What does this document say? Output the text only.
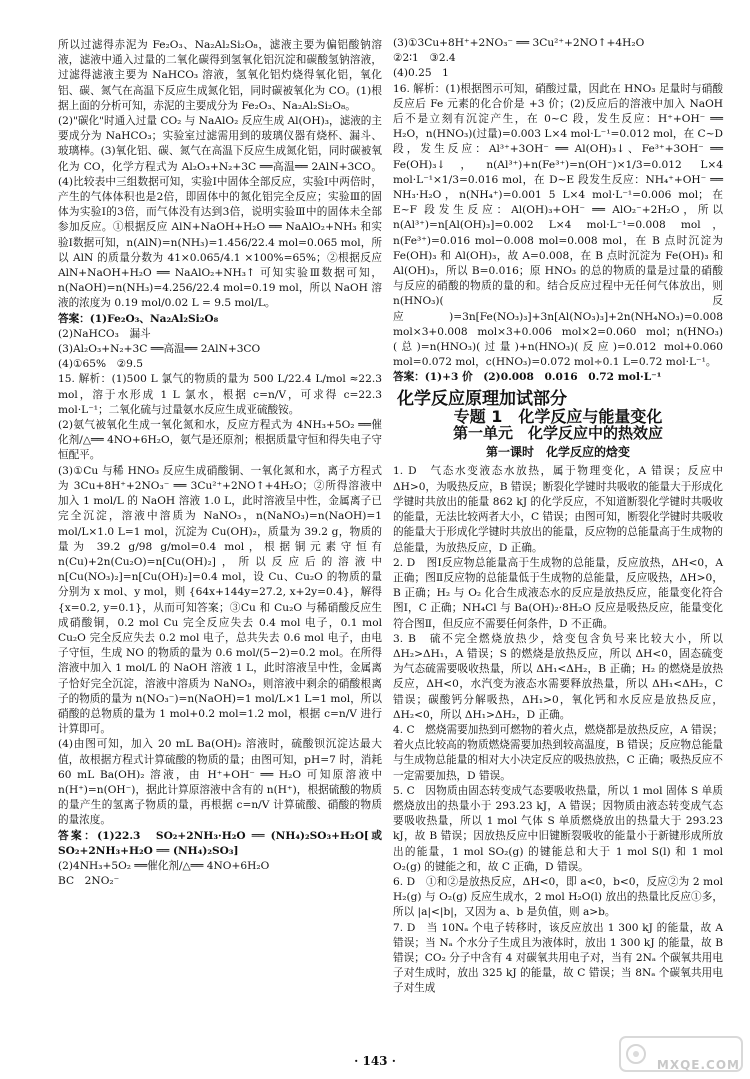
所以过滤得赤泥为 Fe₂O₃、Na₂Al₂Si₂O₈，滤液主要为偏铝酸钠溶液，滤液中通入过量的二氧化碳得到氢氧化铝沉淀和碳酸氢钠溶液，过滤得滤液主要为 NaHCO₃ 溶液，氢氧化铝灼烧得氧化铝，氧化铝、碳、氮气在高温下反应生成氮化铝，同时碳被氧化为 CO。(1)根据上面的分析可知，赤泥的主要成分为 Fe₂O₃、Na₂Al₂Si₂O₈。

(2)"碳化"时通入过量 CO₂ 与 NaAlO₂ 反应生成 Al(OH)₃，滤液的主要成分为 NaHCO₃；实验室过滤需用到的玻璃仪器有烧杯、漏斗、玻璃棒。(3)氧化铝、碳、氮气在高温下反应生成氮化铝，同时碳被氧化为 CO，化学方程式为 Al₂O₃+N₂+3C ══高温══ 2AlN+3CO。(4)比较表中三组数据可知，实验Ⅰ中固体全部反应，实验Ⅰ中两倍时，产生的气体体积也是2倍，即固体中的氮化铝完全反应；实验Ⅲ的固体为实验Ⅰ的3倍，而气体没有达到3倍，说明实验Ⅲ中的固体未全部参加反应。①根据反应 AlN+NaOH+H₂O ══ NaAlO₂+NH₃ 和实验Ⅰ数据可知，n(AlN)=n(NH₃)=1.456/22.4 mol=0.065 mol，所以 AlN 的质量分数为 41×0.065/4.1 ×100%=65%；②根据反应 AlN+NaOH+H₂O ══ NaAlO₂+NH₃↑ 可知实验Ⅲ数据可知，n(NaOH)=n(NH₃)=4.256/22.4 mol=0.19 mol，所以 NaOH 溶液的浓度为 0.19 mol/0.02 L = 9.5 mol/L。

答案：(1)Fe₂O₃、Na₂Al₂Si₂O₈

(2)NaHCO₃　漏斗

(3)Al₂O₃+N₂+3C ══高温══ 2AlN+3CO

(4)①65%　②9.5

15. 解析：(1)500 L 氯气的物质的量为 500 L/22.4 L/mol ≈22.3 mol，溶于水形成 1 L 氯水，根据 c=n/V，可求得 c=22.3 mol·L⁻¹；二氧化硫与过量氨水反应生成亚硫酸铵。

(2)氨气被氧化生成一氧化氮和水，反应方程式为 4NH₃+5O₂ ══催化剂/△══ 4NO+6H₂O，氨气是还原剂；根据质量守恒和得失电子守恒配平。

(3)①Cu 与稀 HNO₃ 反应生成硝酸铜、一氧化氮和水，离子方程式为 3Cu+8H⁺+2NO₃⁻ ══ 3Cu²⁺+2NO↑+4H₂O；②所得溶液中加入 1 mol/L 的 NaOH 溶液 1.0 L，此时溶液呈中性，金属离子已完全沉淀，溶液中溶质为 NaNO₃，n(NaNO₃)=n(NaOH)=1 mol/L×1.0 L=1 mol，沉淀为 Cu(OH)₂，质量为 39.2 g，物质的量为 39.2 g/98 g/mol=0.4 mol，根据铜元素守恒有 n(Cu)+2n(Cu₂O)=n[Cu(OH)₂]，所以反应后的溶液中 n[Cu(NO₃)₂]=n[Cu(OH)₂]=0.4 mol，设 Cu、Cu₂O 的物质的量分别为 x mol、y mol，则 {64x+144y=27.2, x+2y=0.4}，解得 {x=0.2, y=0.1}，从而可知答案；③Cu 和 Cu₂O 与稀硝酸反应生成硝酸铜，0.2 mol Cu 完全反应失去 0.4 mol 电子，0.1 mol Cu₂O 完全反应失去 0.2 mol 电子，总共失去 0.6 mol 电子，由电子守恒，生成 NO 的物质的量为 0.6 mol/(5−2)=0.2 mol。在所得溶液中加入 1 mol/L 的 NaOH 溶液 1 L，此时溶液呈中性，金属离子恰好完全沉淀，溶液中溶质为 NaNO₃，则溶液中剩余的硝酸根离子的物质的量为 n(NO₃⁻)=n(NaOH)=1 mol/L×1 L=1 mol，所以硝酸的总物质的量为 1 mol+0.2 mol=1.2 mol，根据 c=n/V 进行计算即可。

(4)由图可知，加入 20 mL Ba(OH)₂ 溶液时，硫酸钡沉淀达最大值，故根据方程式计算硫酸的物质的量；由图可知，pH=7 时，消耗 60 mL Ba(OH)₂ 溶液，由 H⁺+OH⁻ ══ H₂O 可知原溶液中 n(H⁺)=n(OH⁻)，据此计算原溶液中含有的 n(H⁺)，根据硫酸的物质的量产生的氢离子物质的量，再根据 c=n/V 计算硫酸、硝酸的物质的量浓度。

答案：(1)22.3　SO₂+2NH₃·H₂O ══ (NH₄)₂SO₃+H₂O[或 SO₂+2NH₃+H₂O ══ (NH₄)₂SO₃]

(2)4NH₃+5O₂ ══催化剂/△══ 4NO+6H₂O

BC　2NO₂⁻

(3)①3Cu+8H⁺+2NO₃⁻ ══ 3Cu²⁺+2NO↑+4H₂O

②2∶1　③2.4

(4)0.25　1

16. 解析：(1)根据图示可知，硝酸过量，因此在 HNO₃ 足量时与硝酸反应后 Fe 元素的化合价是 +3 价；(2)反应后的溶液中加入 NaOH 后不是立刻有沉淀产生，在 0~C 段，发生反应：H⁺+OH⁻ ══ H₂O，n(HNO₃)(过量)=0.003 L×4 mol·L⁻¹=0.012 mol，在 C~D 段，发生反应：Al³⁺+3OH⁻ ══ Al(OH)₃↓、Fe³⁺+3OH⁻ ══ Fe(OH)₃↓，n(Al³⁺)+n(Fe³⁺)=n(OH⁻)×1/3=0.012 L×4 mol·L⁻¹×1/3=0.016 mol，在 D~E 段发生反应：NH₄⁺+OH⁻ ══ NH₃·H₂O，n(NH₄⁺)=0.001 5 L×4 mol·L⁻¹=0.006 mol；在 E~F 段发生反应：Al(OH)₃+OH⁻ ══ AlO₂⁻+2H₂O，所以 n(Al³⁺)=n[Al(OH)₃]=0.002 L×4 mol·L⁻¹=0.008 mol，n(Fe³⁺)=0.016 mol−0.008 mol=0.008 mol，在 B 点时沉淀为 Fe(OH)₃ 和 Al(OH)₃，故 A=0.008，在 B 点时沉淀为 Fe(OH)₃ 和 Al(OH)₃，所以 B=0.016；原 HNO₃ 的总的物质的量是过量的硝酸与反应的硝酸的物质的量的和。结合反应过程中无任何气体放出，则 n(HNO₃)(反应)=3n[Fe(NO₃)₃]+3n[Al(NO₃)₃]+2n(NH₄NO₃)=0.008 mol×3+0.008 mol×3+0.006 mol×2=0.060 mol；n(HNO₃)(总)=n(HNO₃)(过量)+n(HNO₃)(反应)=0.012 mol+0.060 mol=0.072 mol，c(HNO₃)=0.072 mol÷0.1 L=0.72 mol·L⁻¹。

答案：(1)+3 价　(2)0.008　0.016　0.72 mol·L⁻¹

化学反应原理加试部分
专题 1　化学反应与能量变化
第一单元　化学反应中的热效应
第一课时　化学反应的焓变

1. D　气态水变液态水放热，属于物理变化，A 错误；反应中 ΔH>0，为吸热反应，B 错误；断裂化学键时共吸收的能量大于形成化学键时共放出的能量 862 kJ 的化学反应，不知道断裂化学键时共吸收的能量，无法比较两者大小，C 错误；由图可知，断裂化学键时共吸收的能量大于形成化学键时共放出的能量，反应物的总能量高于生成物的总能量，为放热反应，D 正确。

2. D　图Ⅰ反应物总能量高于生成物的总能量，反应放热，ΔH<0，A 正确；图Ⅱ反应物的总能量低于生成物的总能量，反应吸热，ΔH>0，B 正确；H₂ 与 O₂ 化合生成液态水的反应是放热反应，能量变化符合图Ⅰ，C 正确；NH₄Cl 与 Ba(OH)₂·8H₂O 反应是吸热反应，能量变化符合图Ⅱ，但反应不需要任何条件，D 不正确。

3. B　硫不完全燃烧放热少，焓变包含负号来比较大小，所以 ΔH₂>ΔH₁，A 错误；S 的燃烧是放热反应，所以 ΔH<0，固态硫变为气态硫需要吸收热量，所以 ΔH₁<ΔH₂，B 正确；H₂ 的燃烧是放热反应，ΔH<0，水汽变为液态水需要释放热量，所以 ΔH₁<ΔH₂，C 错误；碳酸钙分解吸热，ΔH₁>0，氧化钙和水反应是放热反应，ΔH₂<0，所以 ΔH₁>ΔH₂，D 正确。

4. C　燃烧需要加热到可燃物的着火点，燃烧都是放热反应，A 错误；着火点比较高的物质燃烧需要加热到较高温度，B 错误；反应物总能量与生成物总能量的相对大小决定反应的吸热放热，C 正确；吸热反应不一定需要加热，D 错误。

5. C　因物质由固态转变成气态要吸收热量，所以 1 mol 固体 S 单质燃烧放出的热量小于 293.23 kJ，A 错误；因物质由液态转变成气态要吸收热量，所以 1 mol 气体 S 单质燃烧放出的热量大于 293.23 kJ，故 B 错误；因放热反应中旧键断裂吸收的能量小于新键形成所放出的能量，1 mol SO₂(g) 的键能总和大于 1 mol S(l) 和 1 mol O₂(g) 的键能之和，故 C 正确，D 错误。

6. D　①和②是放热反应，ΔH<0，即 a<0，b<0，反应②为 2 mol H₂(g) 与 O₂(g) 反应生成水，2 mol H₂O(l) 放出的热量比反应①多，所以 |a|<|b|，又因为 a、b 是负值，则 a>b。

7. D　当 10Nₐ 个电子转移时，该反应放出 1 300 kJ 的能量，故 A 错误；当 Nₐ 个水分子生成且为液体时，放出 1 300 kJ 的能量，故 B 错误；CO₂ 分子中含有 4 对碳氧共用电子对，当有 2Nₐ 个碳氧共用电子对生成时，放出 325 kJ 的能量，故 C 错误；当 8Nₐ 个碳氧共用电子对生成

· 143 ·	MXQE.COM
